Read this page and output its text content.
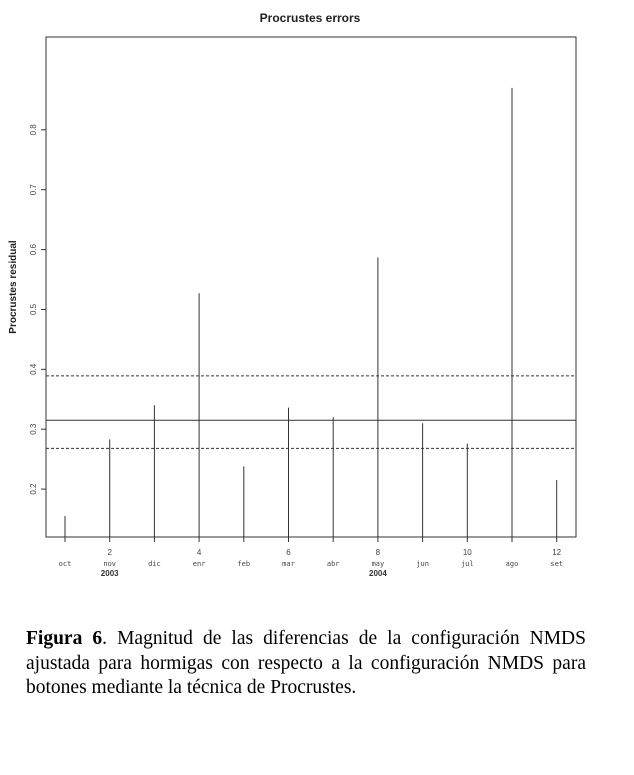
Procrustes errors
Procrustes residual
0.2
0.3
0.4
0.5
0.6
0.7
0.8
oct	nov	dic	enr	feb	mar	abr	may	jun	jul	ago	set
2	4	6	8	10	12
2003	2004
Figura 6. Magnitud de las diferencias de la configuración NMDS ajustada para hormigas con respecto a la configuración NMDS para botones mediante la técnica de Procrustes.
